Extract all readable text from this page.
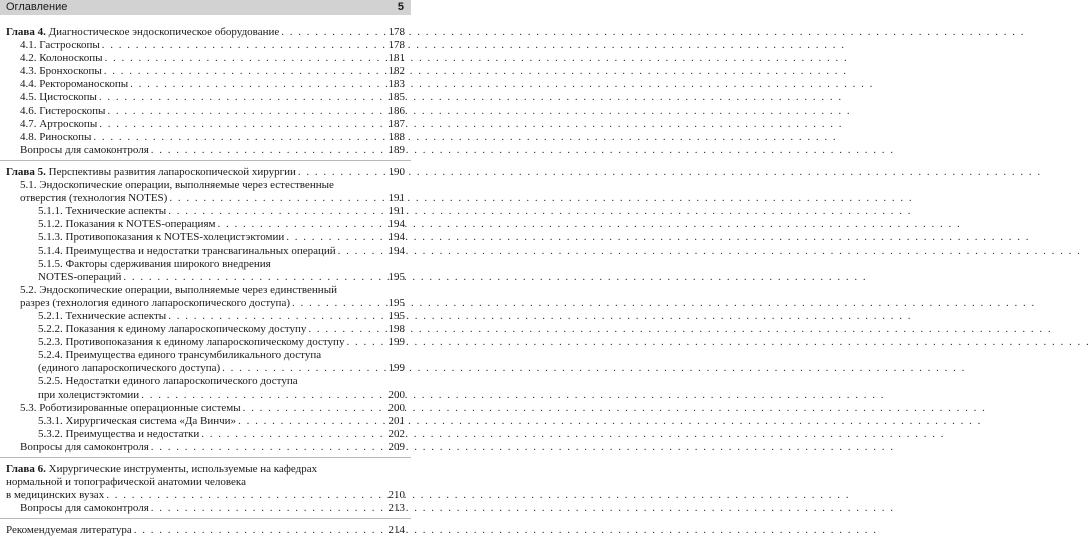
Оглавление	5
Глава 4. Диагностическое эндоскопическое оборудование . . .	178
4.1. Гастроскопы . . .	178
4.2. Колоноскопы . . .	181
4.3. Бронхоскопы . . .	182
4.4. Ректороманоскопы . . .	183
4.5. Цистоскопы . . .	185
4.6. Гистероскопы . . .	186
4.7. Артроскопы . . .	187
4.8. Риноскопы . . .	188
Вопросы для самоконтроля . . .	189
Глава 5. Перспективы развития лапароскопической хирургии . . .	190
5.1. Эндоскопические операции, выполняемые через естественные
отверстия (технология NOTES) . . .	191
5.1.1. Технические аспекты . . .	191
5.1.2. Показания к NOTES-операциям . . .	194
5.1.3. Противопоказания к NOTES-холецистэктомии . . .	194
5.1.4. Преимущества и недостатки трансвагинальных операций . . .	194
5.1.5. Факторы сдерживания широкого внедрения
NOTES-операций . . .	195
5.2. Эндоскопические операции, выполняемые через единственный
разрез (технология единого лапароскопического доступа) . . .	195
5.2.1. Технические аспекты . . .	195
5.2.2. Показания к единому лапароскопическому доступу . . .	198
5.2.3. Противопоказания к единому лапароскопическому доступу . . .	199
5.2.4. Преимущества единого трансумбиликального доступа
(единого лапароскопического доступа) . . .	199
5.2.5. Недостатки единого лапароскопического доступа
при холецистэктомии . . .	200
5.3. Роботизированные операционные системы . . .	200
5.3.1. Хирургическая система «Да Винчи» . . .	201
5.3.2. Преимущества и недостатки . . .	202
Вопросы для самоконтроля . . .	209
Глава 6. Хирургические инструменты, используемые на кафедрах
нормальной и топографической анатомии человека
в медицинских вузах . . .	210
Вопросы для самоконтроля . . .	213
Рекомендуемая литература . . .	214
